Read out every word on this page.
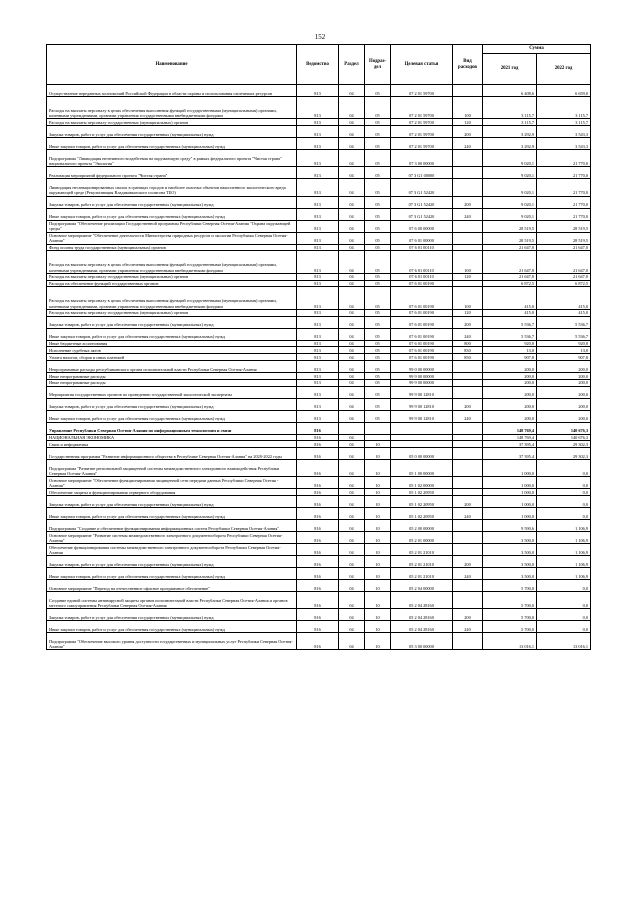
152
Наименование	Ведомство	Раздел	Подраз-дел	Целевая статья	Вид расходов	Сумма	
						2021 год	2022 год
Осуществление переданных полномочий Российской Федерации в области охраны и использования охотничьих ресурсов	813	04	05	07 2 01 59700		6 408,6	6 659,0
Расходы на выплаты персоналу в целях обеспечения выполнения функций государственными (муниципальными) органами, казенными учреждениями, органами управления государственными внебюджетными фондами	813	04	05	07 2 01 59700	100	3 115,7	3 115,7
Расходы на выплаты персоналу государственных (муниципальных) органов	813	04	05	07 2 01 59700	120	3 115,7	3 115,7
Закупка товаров, работ и услуг для обеспечения государственных (муниципальных) нужд	813	04	05	07 2 01 59700	200	3 292,9	3 543,3
Иные закупки товаров, работ и услуг для обеспечения государственных (муниципальных) нужд	813	04	05	07 2 01 59700	240	3 292,9	3 543,3
Подпрограмма "Ликвидация негативного воздействия на окружающую среду" в рамках федерального проекта "Чистая страна" национального проекта "Экология"	813	04	05	07 3 00 00000		9 020,1	21 770,0
Реализация мероприятий федерального проекта "Чистая страна"	813	04	05	07 3 G1 00000		9 020,1	21 770,0
Ликвидация несанкционированных свалок в границах городов и наиболее опасных объектов накопленного экологического вреда окружающей среде (Рекультивация Владикавказского полигона ТБО)	813	04	05	07 3 G1 52420		9 020,1	21 770,0
Закупка товаров, работ и услуг для обеспечения государственных (муниципальных) нужд	813	04	05	07 3 G1 52420	200	9 020,1	21 770,0
Иные закупки товаров, работ и услуг для обеспечения государственных (муниципальных) нужд	813	04	05	07 3 G1 52420	240	9 020,1	21 770,0
Подпрограмма "Обеспечение реализации Государственной программы Республики Северная Осетия-Алания "Охрана окружающей среды"	813	04	05	07 6 00 00000		28 519,5	28 519,5
Основное мероприятие "Обеспечение деятельности Министерства природных ресурсов и экологии Республики Северная Осетия-Алания"	813	04	05	07 6 01 00000		28 519,5	28 519,5
Фонд оплаты труда государственных (муниципальных) органов	813	04	05	07 6 01 00110		21 647,0	21 647,0
Расходы на выплаты персоналу в целях обеспечения выполнения функций государственными (муниципальными) органами, казенными учреждениями, органами управления государственными внебюджетными фондами	813	04	05	07 6 01 00110	100	21 647,0	21 647,0
Расходы на выплаты персоналу государственных (муниципальных) органов	813	04	05	07 6 01 00110	120	21 647,0	21 647,0
Расходы на обеспечение функций государственных органов	813	04	05	07 6 01 00190		6 872,5	6 872,5
Расходы на выплаты персоналу в целях обеспечения выполнения функций государственными (муниципальными) органами, казенными учреждениями, органами управления государственными внебюджетными фондами	813	04	05	07 6 01 00190	100	415,0	415,0
Расходы на выплаты персоналу государственных (муниципальных) органов	813	04	05	07 6 01 00190	120	415,0	415,0
Закупка товаров, работ и услуг для обеспечения государственных (муниципальных) нужд	813	04	05	07 6 01 00190	200	5 536,7	5 536,7
Иные закупки товаров, работ и услуг для обеспечения государственных (муниципальных) нужд	813	04	05	07 6 01 00190	240	5 536,7	5 536,7
Иные бюджетные ассигнования	813	04	05	07 6 01 00190	800	920,8	920,8
Исполнение судебных актов	813	04	05	07 6 01 00190	830	13,0	13,0
Уплата налогов, сборов и иных платежей	813	04	05	07 6 01 00190	850	907,8	907,8
Непрограммные расходы республиканского органа исполнительной власти Республики Северная Осетия-Алания	813	04	05	99 0 00 00000		200,0	200,0
Иные непрограммные расходы	813	04	05	99 9 00 00000		200,0	200,0
Иные непрограммные расходы	813	04	05	99 9 00 00000		200,0	200,0
Мероприятия государственных органов по проведению государственной экологической экспертизы	813	04	05	99 9 00 12810		200,0	200,0
Закупка товаров, работ и услуг для обеспечения государственных (муниципальных) нужд	813	04	05	99 9 00 12810	200	200,0	200,0
Иные закупки товаров, работ и услуг для обеспечения государственных (муниципальных) нужд	813	04	05	99 9 00 12810	240	200,0	200,0
Управление Республики Северная Осетия-Алания по информационным технологиям и связи	816					148 769,4	140 676,3
НАЦИОНАЛЬНАЯ ЭКОНОМИКА	816	04				148 769,4	140 676,3
Связь и информатика	816	04	10			37 395,4	29 302,3
Государственная программа "Развитие информационного общества в Республике Северная Осетия-Алания" на 2020-2022 годы	816	04	10	05 0 00 00000		37 395,4	29 302,3
Подпрограмма "Развитие региональной защищенной системы межведомственного электронного взаимодействия Республики Северная Осетия-Алания"	816	04	10	05 1 00 00000		1 000,0	0,0
Основное мероприятие "Обеспечение функционирования защищенной сети передачи данных Республики Северная Осетия - Алания"	816	04	10	05 1 02 00000		1 000,0	0,0
Обеспечение защиты и функционирования серверного оборудования	816	04	10	05 1 02 20950		1 000,0	0,0
Закупка товаров, работ и услуг для обеспечения государственных (муниципальных) нужд	816	04	10	05 1 02 20950	200	1 000,0	0,0
Иные закупки товаров, работ и услуг для обеспечения государственных (муниципальных) нужд	816	04	10	05 1 02 20950	240	1 000,0	0,0
Подпрограмма "Создание и обеспечение функционирования информационных систем Республики Северная Осетия-Алания"	816	04	10	05 2 00 00000		9 590,6	1 106,9
Основное мероприятие "Развитие системы межведомственного электронного документооборота Республики Северная Осетия-Алания"	816	04	10	05 2 01 00000		3 500,0	1 106,9
Обеспечение функционирования системы межведомственного электронного документооборота Республики Северная Осетия-Алания	816	04	10	05 2 01 21010		3 500,0	1 106,9
Закупка товаров, работ и услуг для обеспечения государственных (муниципальных) нужд	816	04	10	05 2 01 21010	200	3 500,0	1 106,9
Иные закупки товаров, работ и услуг для обеспечения государственных (муниципальных) нужд	816	04	10	05 2 01 21010	240	3 500,0	1 106,9
Основное мероприятие "Переход на отечественное офисное программное обеспечение"	816	04	10	05 2 04 00000		5 700,0	0,0
Создание единой системы антивирусной защиты органов исполнительной власти Республики Северная Осетия-Алания и органов местного самоуправления Республики Северная Осетия-Алания	816	04	10	05 2 04 28160		5 700,0	0,0
Закупка товаров, работ и услуг для обеспечения государственных (муниципальных) нужд	816	04	10	05 2 04 28160	200	5 700,0	0,0
Иные закупки товаров, работ и услуг для обеспечения государственных (муниципальных) нужд	816	04	10	05 2 04 28160	240	5 700,0	0,0
Подпрограмма "Обеспечение высокого уровня доступности государственных и муниципальных услуг Республики Северная Осетия-Алания"	816	04	10	05 3 00 00000		13 016,1	13 016,1
